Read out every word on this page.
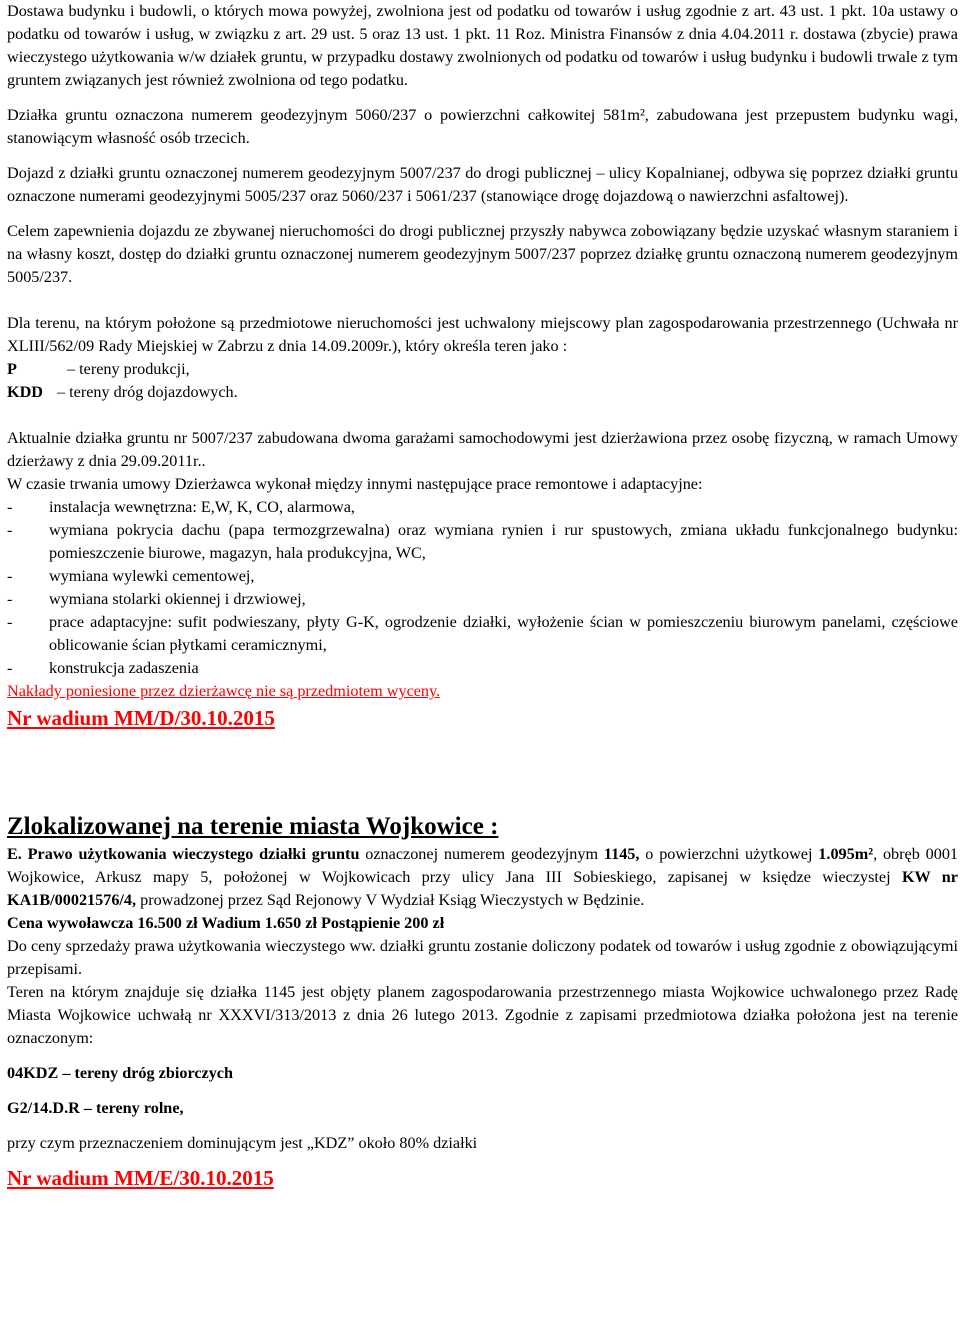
Dostawa budynku i budowli, o których mowa powyżej, zwolniona jest od podatku od towarów i usług zgodnie z art. 43 ust. 1 pkt. 10a ustawy o podatku od towarów i usług, w związku z art. 29 ust. 5 oraz 13 ust. 1 pkt. 11 Roz. Ministra Finansów z dnia 4.04.2011 r. dostawa (zbycie) prawa wieczystego użytkowania w/w działek gruntu, w przypadku dostawy zwolnionych od podatku od towarów i usług budynku i budowli trwale z tym gruntem związanych jest również zwolniona od tego podatku.

Działka gruntu oznaczona numerem geodezyjnym 5060/237 o powierzchni całkowitej 581m², zabudowana jest przepustem budynku wagi, stanowiącym własność osób trzecich.

Dojazd z działki gruntu oznaczonej numerem geodezyjnym 5007/237 do drogi publicznej – ulicy Kopalnianej, odbywa się poprzez działki gruntu oznaczone numerami geodezyjnymi 5005/237 oraz 5060/237 i 5061/237 (stanowiące drogę dojazdową o nawierzchni asfaltowej).

Celem zapewnienia dojazdu ze zbywanej nieruchomości do drogi publicznej przyszły nabywca zobowiązany będzie uzyskać własnym staraniem i na własny koszt, dostęp do działki gruntu oznaczonej numerem geodezyjnym 5007/237 poprzez działkę gruntu oznaczoną numerem geodezyjnym 5005/237.

Dla terenu, na którym położone są przedmiotowe nieruchomości jest uchwalony miejscowy plan zagospodarowania przestrzennego (Uchwała nr XLIII/562/09 Rady Miejskiej w Zabrzu z dnia 14.09.2009r.), który określa teren jako :

P	– tereny produkcji,
KDD – tereny dróg dojazdowych.

Aktualnie działka gruntu nr 5007/237 zabudowana dwoma garażami samochodowymi jest dzierżawiona przez osobę fizyczną, w ramach Umowy dzierżawy z dnia 29.09.2011r..

W czasie trwania umowy Dzierżawca wykonał między innymi następujące prace remontowe i adaptacyjne:

-	instalacja wewnętrzna: E,W, K, CO, alarmowa,
-	wymiana pokrycia dachu (papa termozgrzewalna) oraz wymiana rynien i rur spustowych, zmiana układu funkcjonalnego budynku: pomieszczenie biurowe, magazyn, hala produkcyjna, WC,
-	wymiana wylewki cementowej,
-	wymiana stolarki okiennej i drzwiowej,
-	prace adaptacyjne: sufit podwieszany, płyty G-K, ogrodzenie działki, wyłożenie ścian w pomieszczeniu biurowym panelami, częściowe oblicowanie ścian płytkami ceramicznymi,
-	konstrukcja zadaszenia

Nakłady poniesione przez dzierżawcę nie są przedmiotem wyceny.

Nr wadium MM/D/30.10.2015

Zlokalizowanej na terenie miasta Wojkowice :

E. Prawo użytkowania wieczystego działki gruntu oznaczonej numerem geodezyjnym 1145, o powierzchni użytkowej 1.095m², obręb 0001 Wojkowice, Arkusz mapy 5, położonej w Wojkowicach przy ulicy Jana III Sobieskiego, zapisanej w księdze wieczystej KW nr KA1B/00021576/4, prowadzonej przez Sąd Rejonowy V Wydział Ksiąg Wieczystych w Będzinie.

Cena wywoławcza 16.500 zł Wadium 1.650 zł Postąpienie 200 zł

Do ceny sprzedaży prawa użytkowania wieczystego ww. działki gruntu zostanie doliczony podatek od towarów i usług zgodnie z obowiązującymi przepisami.

Teren na którym znajduje się działka 1145 jest objęty planem zagospodarowania przestrzennego miasta Wojkowice uchwalonego przez Radę Miasta Wojkowice uchwałą nr XXXVI/313/2013 z dnia 26 lutego 2013. Zgodnie z zapisami przedmiotowa działka położona jest na terenie oznaczonym:

04KDZ – tereny dróg zbiorczych

G2/14.D.R – tereny rolne,

przy czym przeznaczeniem dominującym jest „KDZ” około 80% działki

Nr wadium MM/E/30.10.2015
